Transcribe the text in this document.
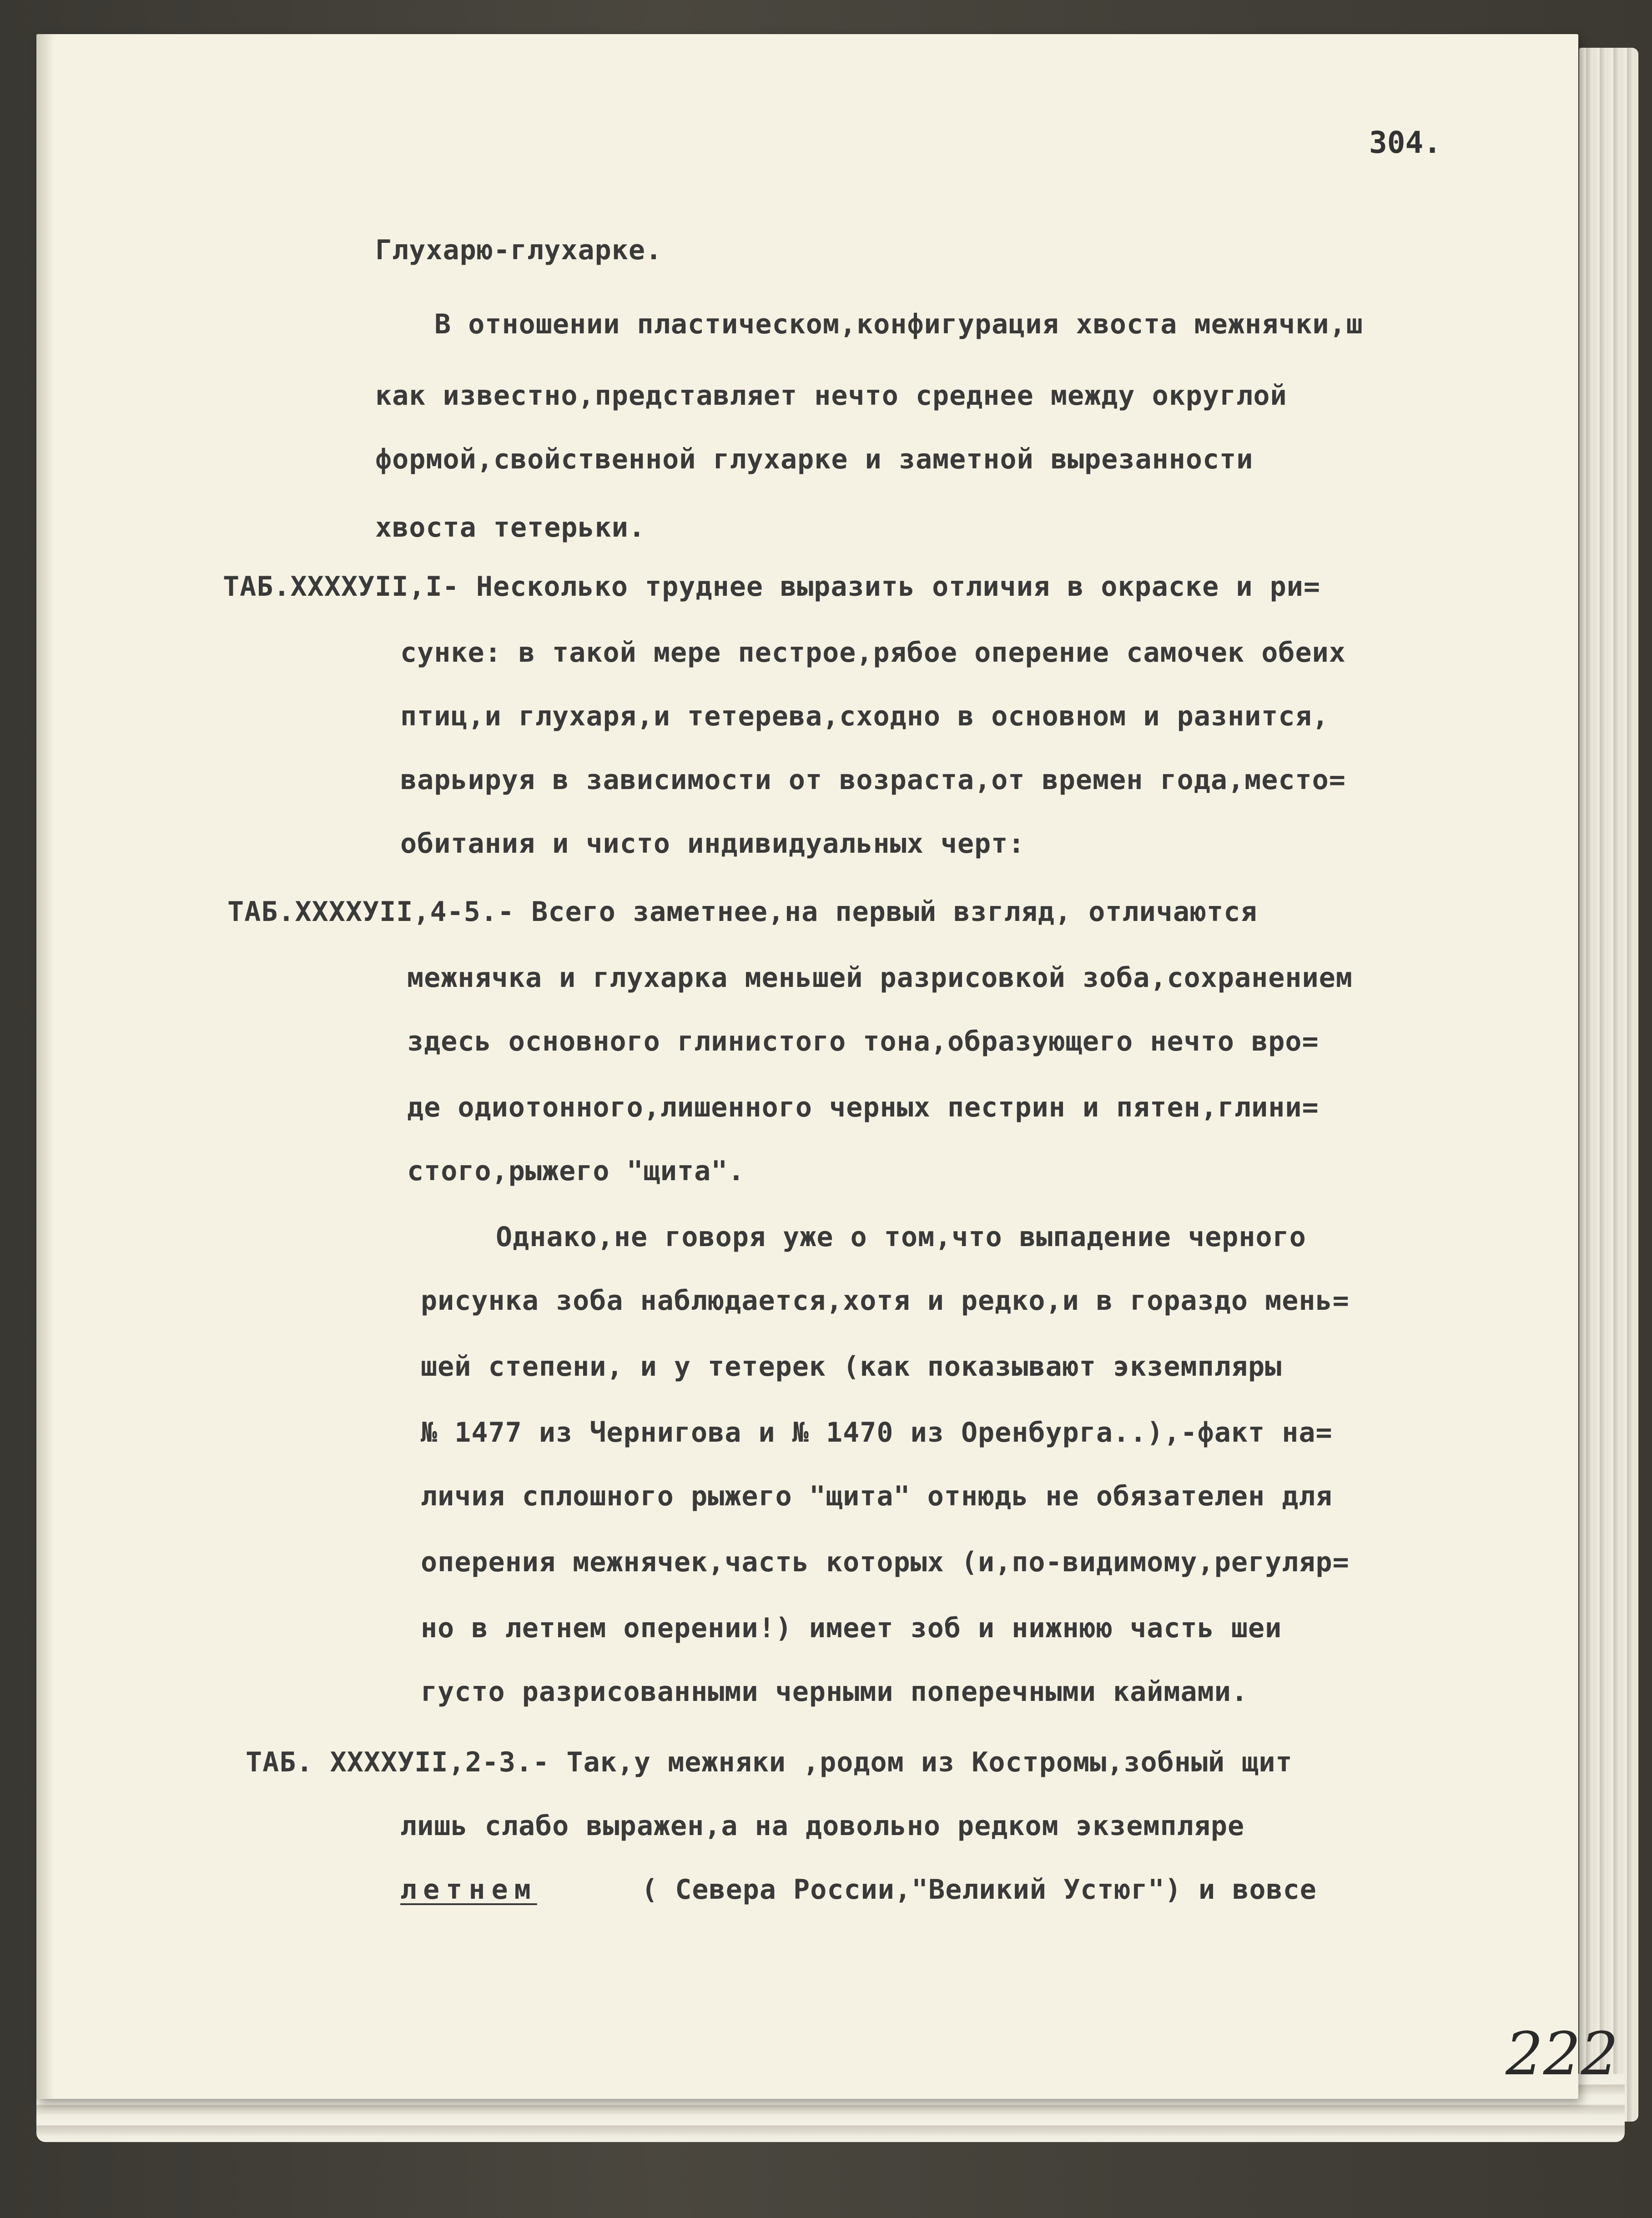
304.
Глухарю-глухарке.
В отношении пластическом,конфигурация хвоста межнячки,ш
как известно,представляет нечто среднее между округлой
формой,свойственной глухарке и заметной вырезанности
хвоста тетерьки.
ТАБ.XXXXУII,I- Несколько труднее выразить отличия в окраске и ри=
сунке: в такой мере пестрое,рябое оперение самочек обеих
птиц,и глухаря,и тетерева,сходно в основном и разнится,
варьируя в зависимости от возраста,от времен года,место=
обитания и чисто индивидуальных черт:
ТАБ.XXXXУII,4-5.- Всего заметнее,на первый взгляд, отличаются
межнячка и глухарка меньшей разрисовкой зоба,сохранением
здесь основного глинистого тона,образующего нечто вро=
де одиотонного,лишенного черных пестрин и пятен,глини=
стого,рыжего "щита".
Однако,не говоря уже о том,что выпадение черного
рисунка зоба наблюдается,хотя и редко,и в гораздо мень=
шей степени, и у тетерек (как показывают экземпляры
№ 1477 из Чернигова и № 1470 из Оренбурга..),-факт на=
личия сплошного рыжего "щита" отнюдь не обязателен для
оперения межнячек,часть которых (и,по-видимому,регуляр=
но в летнем оперении!) имеет зоб и нижнюю часть шеи
густо разрисованными черными поперечными каймами.
ТАБ. XXXXУII,2-3.- Так,у межняки ,родом из Костромы,зобный щит
лишь слабо выражен,а на довольно редком экземпляре
летнем	( Севера России,"Великий Устюг") и вовсе
222
